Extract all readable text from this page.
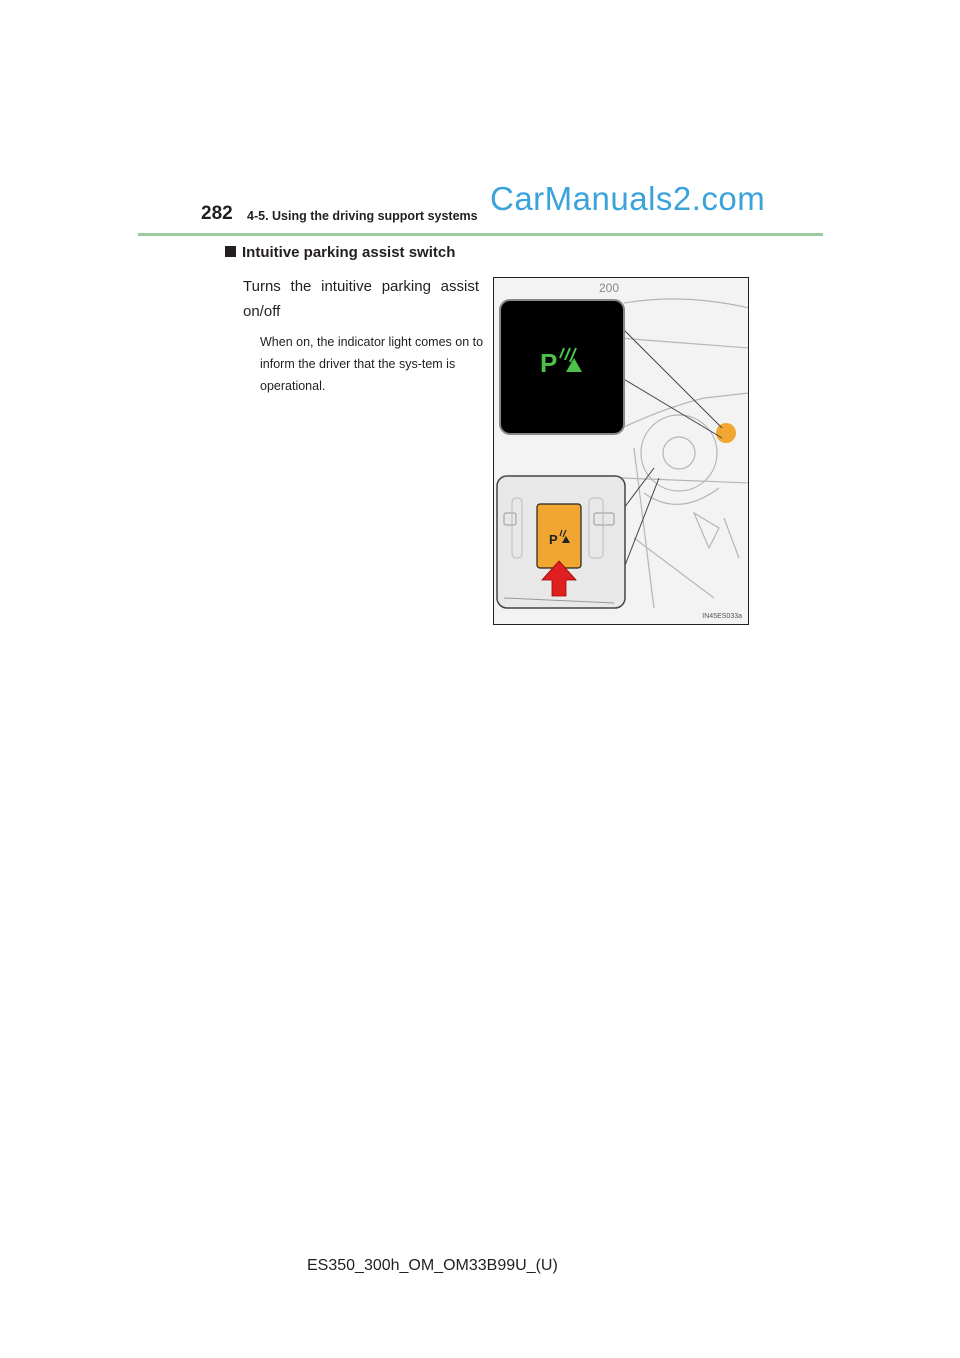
282 4-5. Using the driving support systems CarManuals2.com
Intuitive parking assist switch
Turns the intuitive parking assist on/off
When on, the indicator light comes on to inform the driver that the sys-tem is operational.
200
P
P
IN45ES033a
ES350_300h_OM_OM33B99U_(U)
